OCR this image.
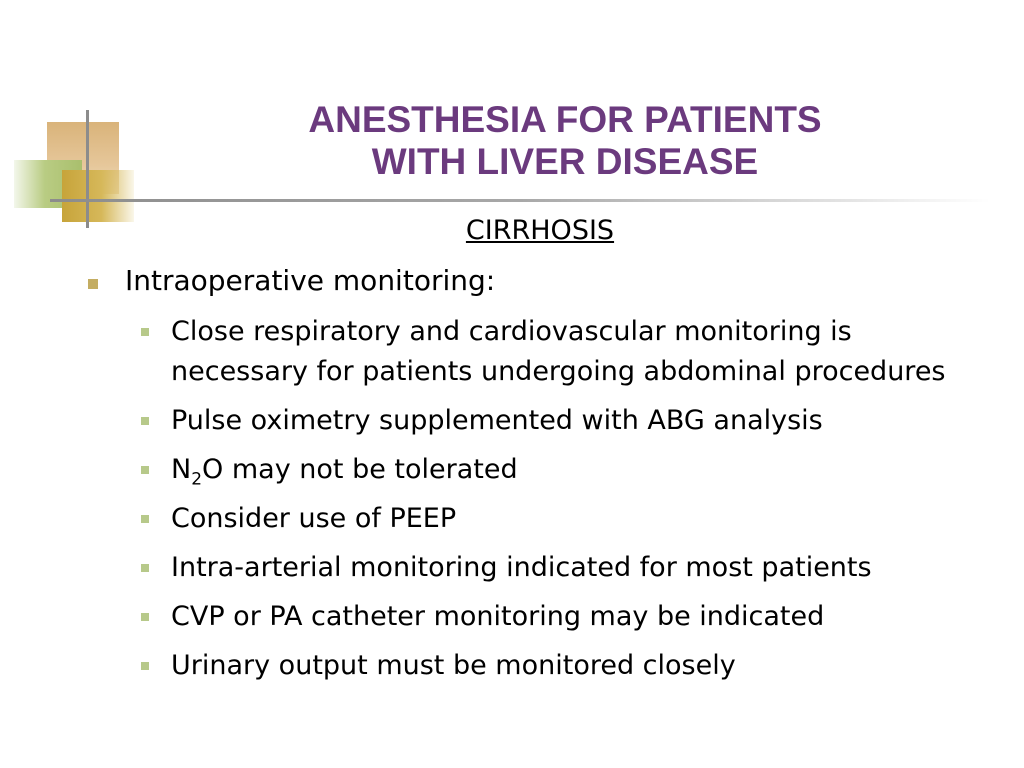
ANESTHESIA FOR PATIENTS
WITH LIVER DISEASE
CIRRHOSIS
Intraoperative monitoring:
Close respiratory and cardiovascular monitoring is necessary for patients undergoing abdominal procedures
Pulse oximetry supplemented with ABG analysis
$N_2O$ may not be tolerated
Consider use of PEEP
Intra-arterial monitoring indicated for most patients
CVP or PA catheter monitoring may be indicated
Urinary output must be monitored closely
